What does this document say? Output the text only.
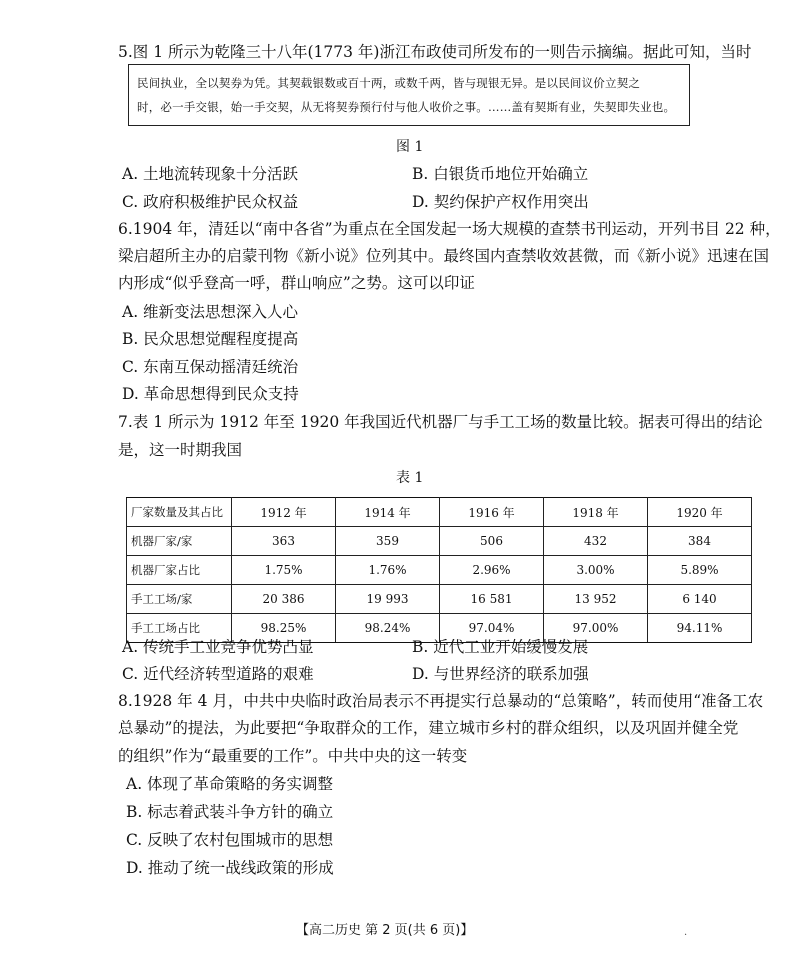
5.图 1 所示为乾隆三十八年(1773 年)浙江布政使司所发布的一则告示摘编。据此可知，当时
民间执业，全以契券为凭。其契载银数或百十两，或数千两，皆与现银无异。是以民间议价立契之
时，必一手交银，始一手交契，从无将契券预行付与他人收价之事。……盖有契斯有业，失契即失业也。
图 1
A. 土地流转现象十分活跃	B. 白银货币地位开始确立
C. 政府积极维护民众权益	D. 契约保护产权作用突出
6.1904 年，清廷以“南中各省”为重点在全国发起一场大规模的查禁书刊运动，开列书目 22 种，
梁启超所主办的启蒙刊物《新小说》位列其中。最终国内查禁收效甚微，而《新小说》迅速在国
内形成“似乎登高一呼，群山响应”之势。这可以印证
A. 维新变法思想深入人心
B. 民众思想觉醒程度提高
C. 东南互保动摇清廷统治
D. 革命思想得到民众支持
7.表 1 所示为 1912 年至 1920 年我国近代机器厂与手工工场的数量比较。据表可得出的结论
是，这一时期我国
表 1
厂家数量及其占比	1912 年	1914 年	1916 年	1918 年	1920 年
机器厂家/家	363	359	506	432	384
机器厂家占比	1.75%	1.76%	2.96%	3.00%	5.89%
手工工场/家	20 386	19 993	16 581	13 952	6 140
手工工场占比	98.25%	98.24%	97.04%	97.00%	94.11%
A. 传统手工业竞争优势凸显	B. 近代工业开始缓慢发展
C. 近代经济转型道路的艰难	D. 与世界经济的联系加强
8.1928 年 4 月，中共中央临时政治局表示不再提实行总暴动的“总策略”，转而使用“准备工农
总暴动”的提法，为此要把“争取群众的工作，建立城市乡村的群众组织，以及巩固并健全党
的组织”作为“最重要的工作”。中共中央的这一转变
A. 体现了革命策略的务实调整
B. 标志着武装斗争方针的确立
C. 反映了农村包围城市的思想
D. 推动了统一战线政策的形成
【高二历史 第 2 页(共 6 页)】	·
